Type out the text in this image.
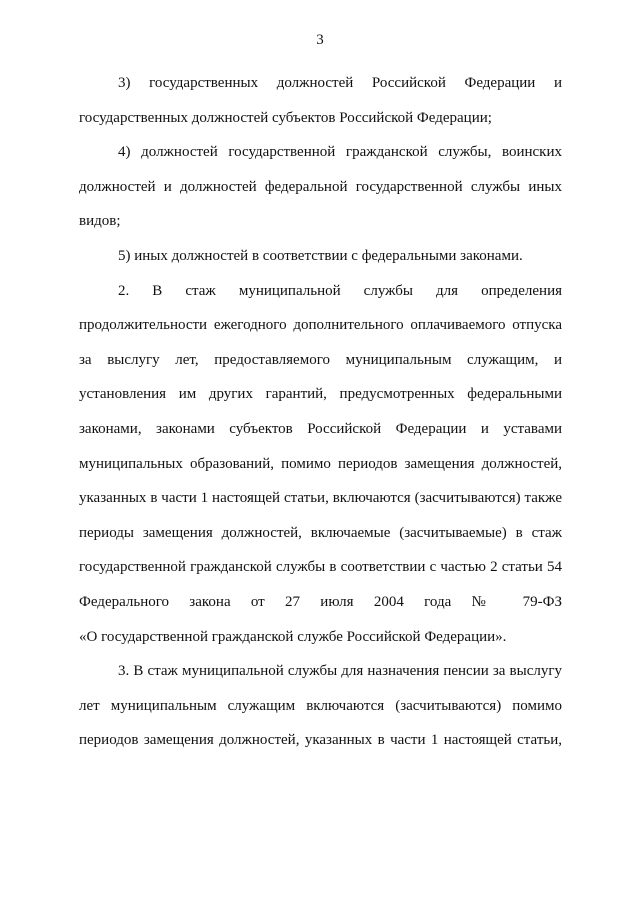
3
3) государственных должностей Российской Федерации и
государственных должностей субъектов Российской Федерации;
4) должностей государственной гражданской службы, воинских
должностей и должностей федеральной государственной службы иных
видов;
5) иных должностей в соответствии с федеральными законами.
2. В стаж муниципальной службы для определения
продолжительности ежегодного дополнительного оплачиваемого отпуска
за выслугу лет, предоставляемого муниципальным служащим, и
установления им других гарантий, предусмотренных федеральными
законами, законами субъектов Российской Федерации и уставами
муниципальных образований, помимо периодов замещения должностей,
указанных в части 1 настоящей статьи, включаются (засчитываются) также
периоды замещения должностей, включаемые (засчитываемые) в стаж
государственной гражданской службы в соответствии с частью 2 статьи 54
Федерального закона от 27 июля 2004 года № 79-ФЗ
«О государственной гражданской службе Российской Федерации».
3. В стаж муниципальной службы для назначения пенсии за выслугу
лет муниципальным служащим включаются (засчитываются) помимо
периодов замещения должностей, указанных в части 1 настоящей статьи,
